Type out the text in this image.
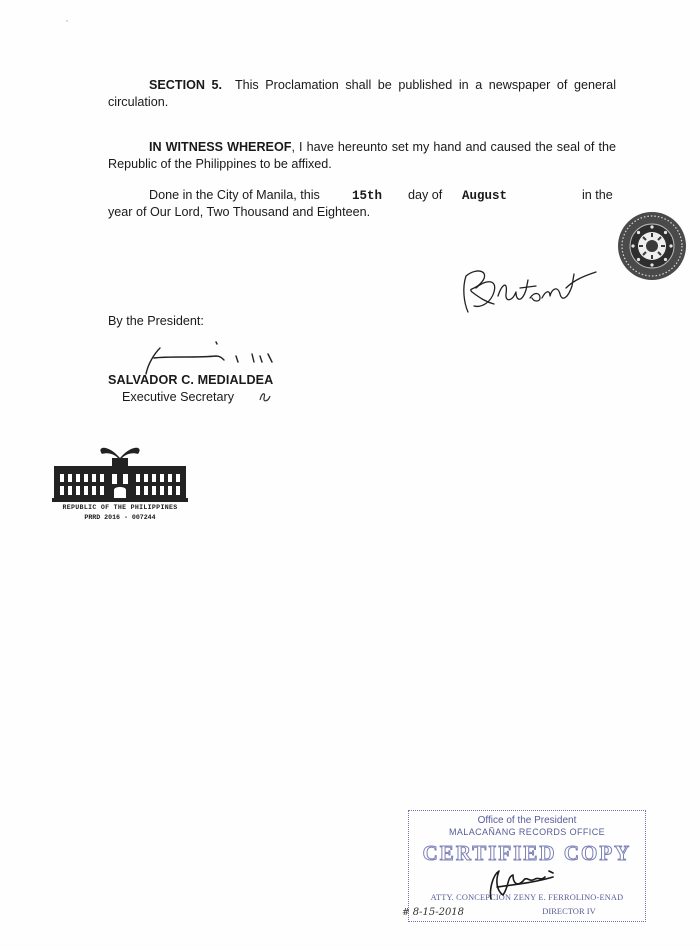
SECTION 5. This Proclamation shall be published in a newspaper of general circulation.
IN WITNESS WHEREOF, I have hereunto set my hand and caused the seal of the Republic of the Philippines to be affixed.
Done in the City of Manila, this	15th day of August	in the
year of Our Lord, Two Thousand and Eighteen.
By the President:
SALVADOR C. MEDIALDEA
Executive Secretary
REPUBLIC OF THE PHILIPPINES
PRRD 2016 - 007244
Office of the President
MALACAÑANG RECORDS OFFICE
CERTIFIED COPY
ATTY. CONCEPCION ZENY E. FERROLINO-ENAD
DIRECTOR IV
# 8-15-2018
